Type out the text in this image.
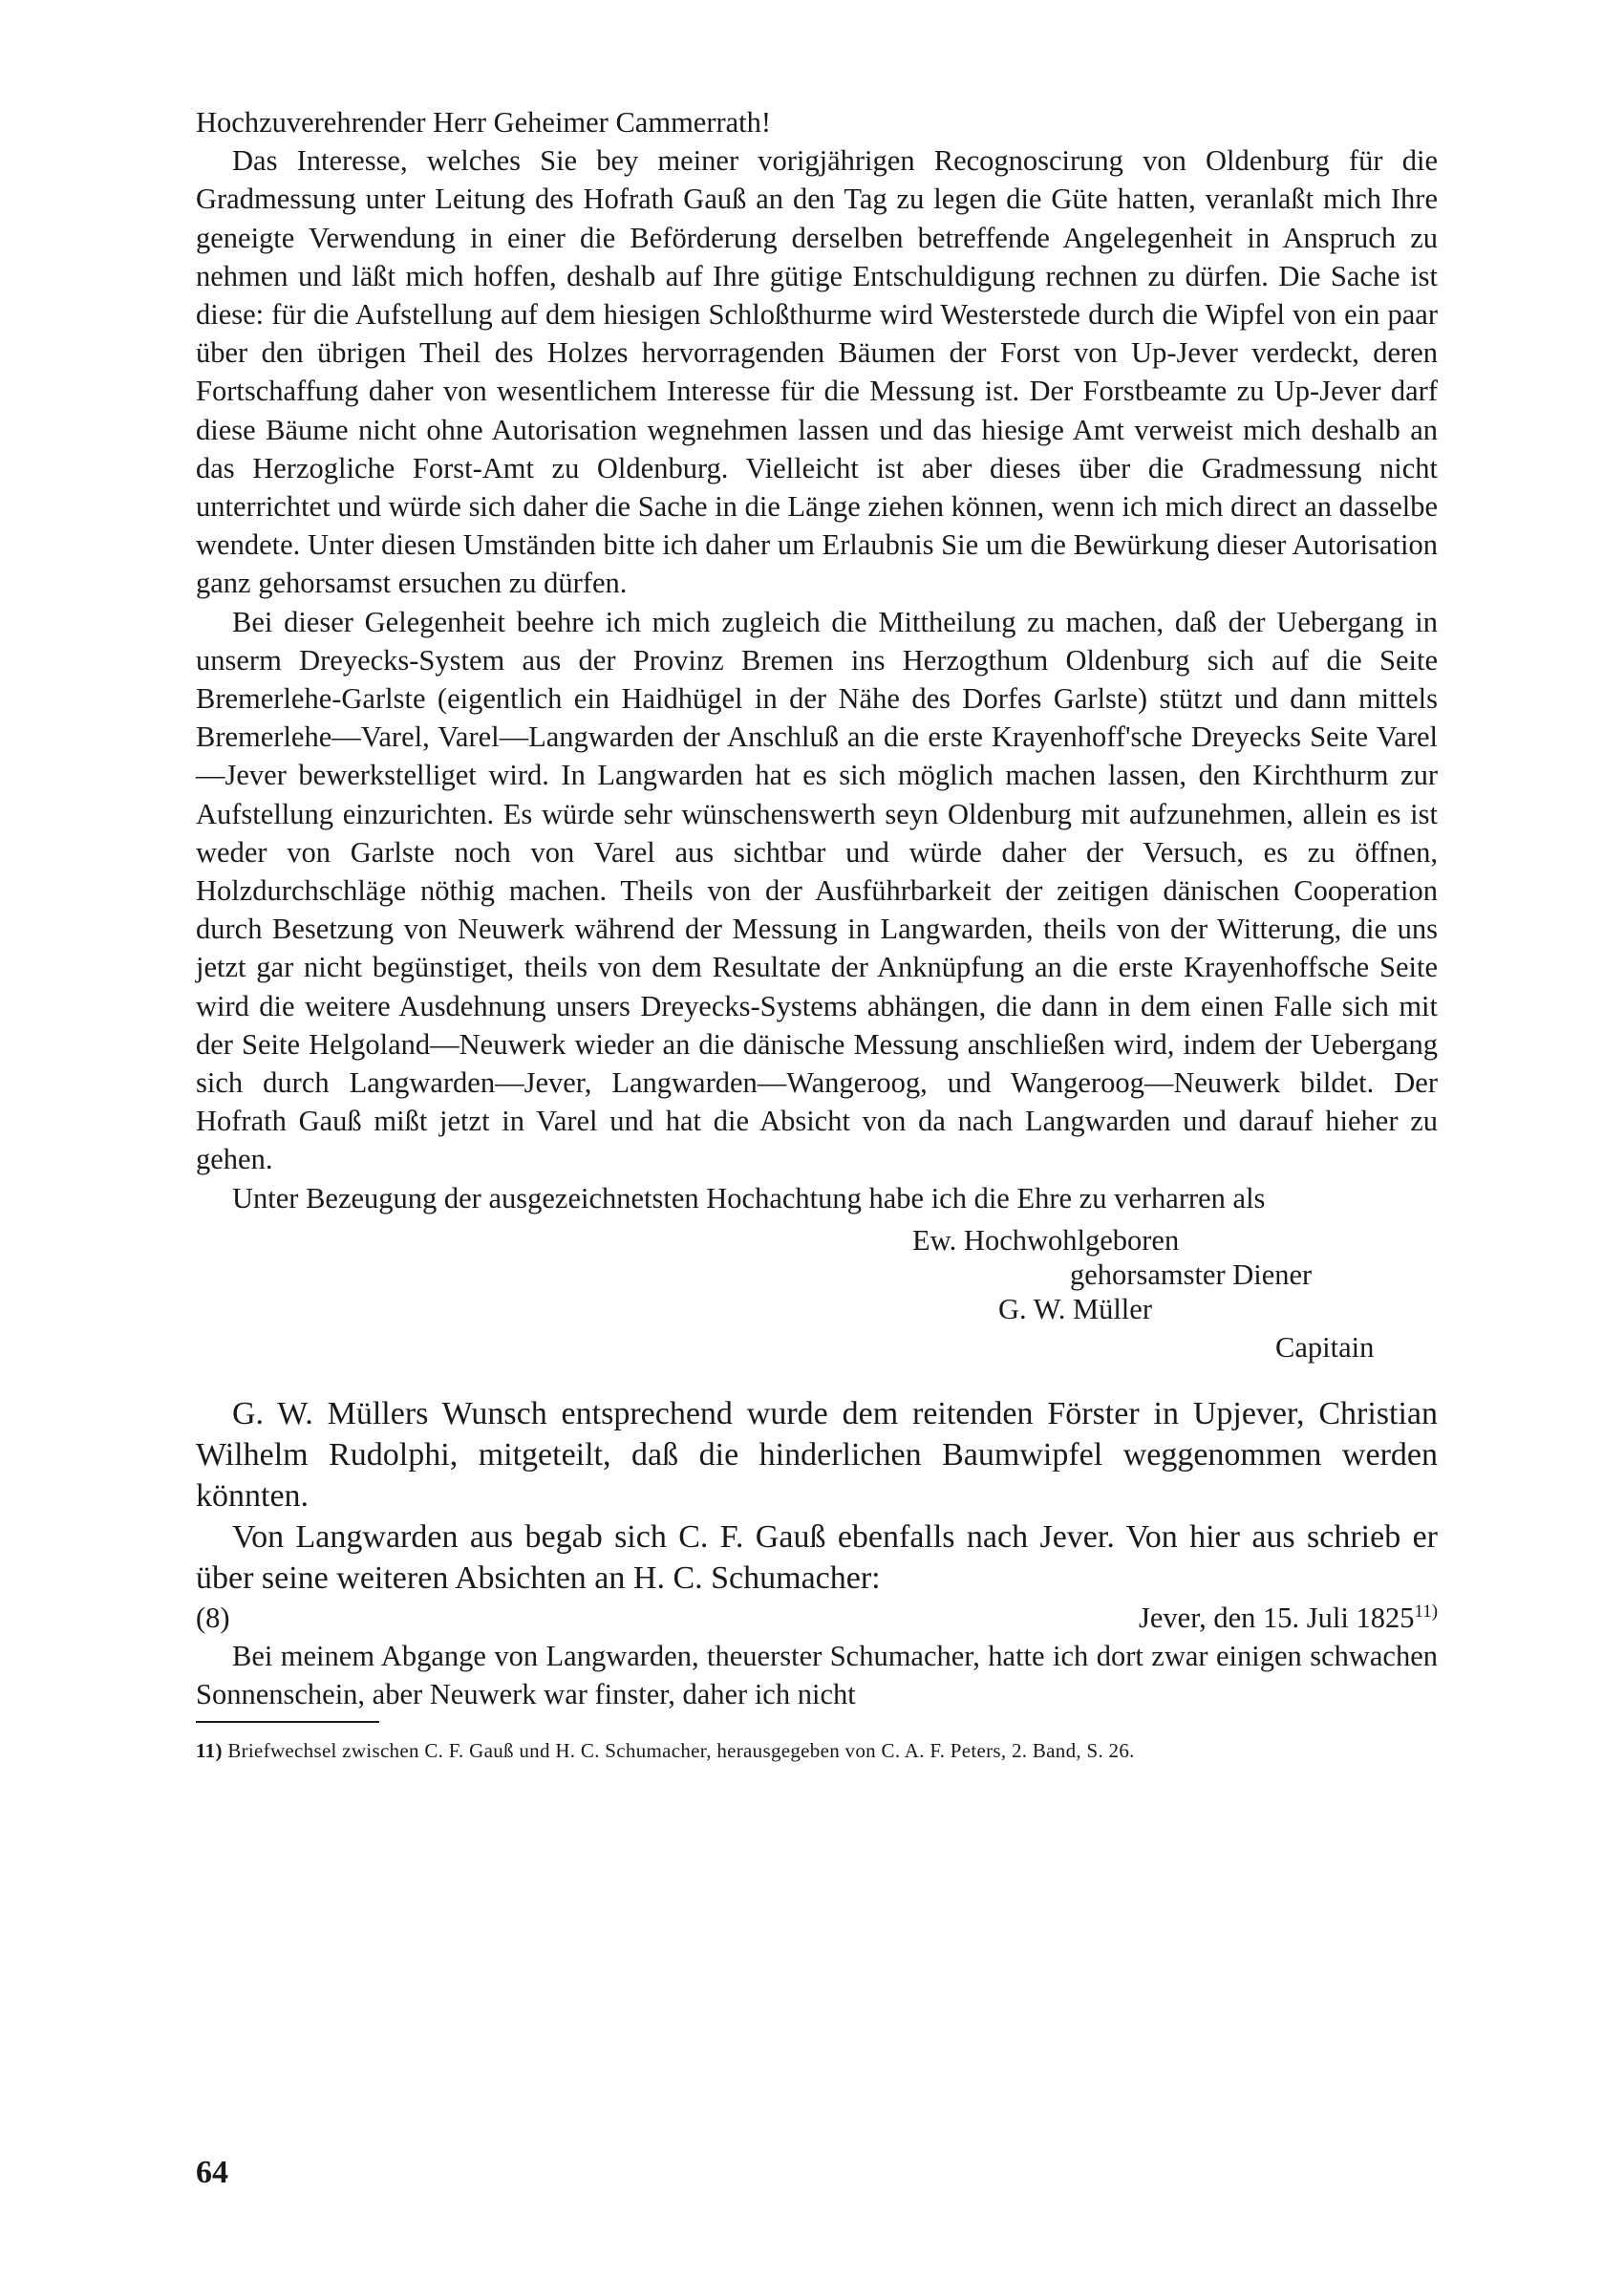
Hochzuverehrender Herr Geheimer Cammerrath!

Das Interesse, welches Sie bey meiner vorigjährigen Recognoscirung von Oldenburg für die Gradmessung unter Leitung des Hofrath Gauß an den Tag zu legen die Güte hatten, veranlaßt mich Ihre geneigte Verwendung in einer die Beförderung derselben betreffende Angelegenheit in Anspruch zu nehmen und läßt mich hoffen, deshalb auf Ihre gütige Entschuldigung rechnen zu dürfen. Die Sache ist diese: für die Aufstellung auf dem hiesigen Schloßthurme wird Westerstede durch die Wipfel von ein paar über den übrigen Theil des Holzes hervorragenden Bäumen der Forst von Up-Jever verdeckt, deren Fortschaffung daher von wesentlichem Interesse für die Messung ist. Der Forstbeamte zu Up-Jever darf diese Bäume nicht ohne Autorisation wegnehmen lassen und das hiesige Amt verweist mich deshalb an das Herzogliche Forst-Amt zu Oldenburg. Vielleicht ist aber dieses über die Gradmessung nicht unterrichtet und würde sich daher die Sache in die Länge ziehen können, wenn ich mich direct an dasselbe wendete. Unter diesen Umständen bitte ich daher um Erlaubnis Sie um die Bewürkung dieser Autorisation ganz gehorsamst ersuchen zu dürfen.

Bei dieser Gelegenheit beehre ich mich zugleich die Mittheilung zu machen, daß der Uebergang in unserm Dreyecks-System aus der Provinz Bremen ins Herzogthum Oldenburg sich auf die Seite Bremerlehe-Garlste (eigentlich ein Haidhügel in der Nähe des Dorfes Garlste) stützt und dann mittels Bremerlehe—Varel, Varel—Langwarden der Anschluß an die erste Krayenhoff'sche Dreyecks Seite Varel—Jever bewerkstelliget wird. In Langwarden hat es sich möglich machen lassen, den Kirchthurm zur Aufstellung einzurichten. Es würde sehr wünschenswerth seyn Oldenburg mit aufzunehmen, allein es ist weder von Garlste noch von Varel aus sichtbar und würde daher der Versuch, es zu öffnen, Holzdurchschläge nöthig machen. Theils von der Ausführbarkeit der zeitigen dänischen Cooperation durch Besetzung von Neuwerk während der Messung in Langwarden, theils von der Witterung, die uns jetzt gar nicht begünstiget, theils von dem Resultate der Anknüpfung an die erste Krayenhoffsche Seite wird die weitere Ausdehnung unsers Dreyecks-Systems abhängen, die dann in dem einen Falle sich mit der Seite Helgoland—Neuwerk wieder an die dänische Messung anschließen wird, indem der Uebergang sich durch Langwarden—Jever, Langwarden—Wangeroog, und Wangeroog—Neuwerk bildet. Der Hofrath Gauß mißt jetzt in Varel und hat die Absicht von da nach Langwarden und darauf hieher zu gehen.

Unter Bezeugung der ausgezeichnetsten Hochachtung habe ich die Ehre zu verharren als

Ew. Hochwohlgeboren
gehorsamster Diener
G. W. Müller
Capitain

G. W. Müllers Wunsch entsprechend wurde dem reitenden Förster in Upjever, Christian Wilhelm Rudolphi, mitgeteilt, daß die hinderlichen Baumwipfel weggenommen werden könnten.

Von Langwarden aus begab sich C. F. Gauß ebenfalls nach Jever. Von hier aus schrieb er über seine weiteren Absichten an H. C. Schumacher:

(8)	Jever, den 15. Juli 1825$^{11)}$

Bei meinem Abgange von Langwarden, theuerster Schumacher, hatte ich dort zwar einigen schwachen Sonnenschein, aber Neuwerk war finster, daher ich nicht

11) Briefwechsel zwischen C. F. Gauß und H. C. Schumacher, herausgegeben von C. A. F. Peters, 2. Band, S. 26.
64
